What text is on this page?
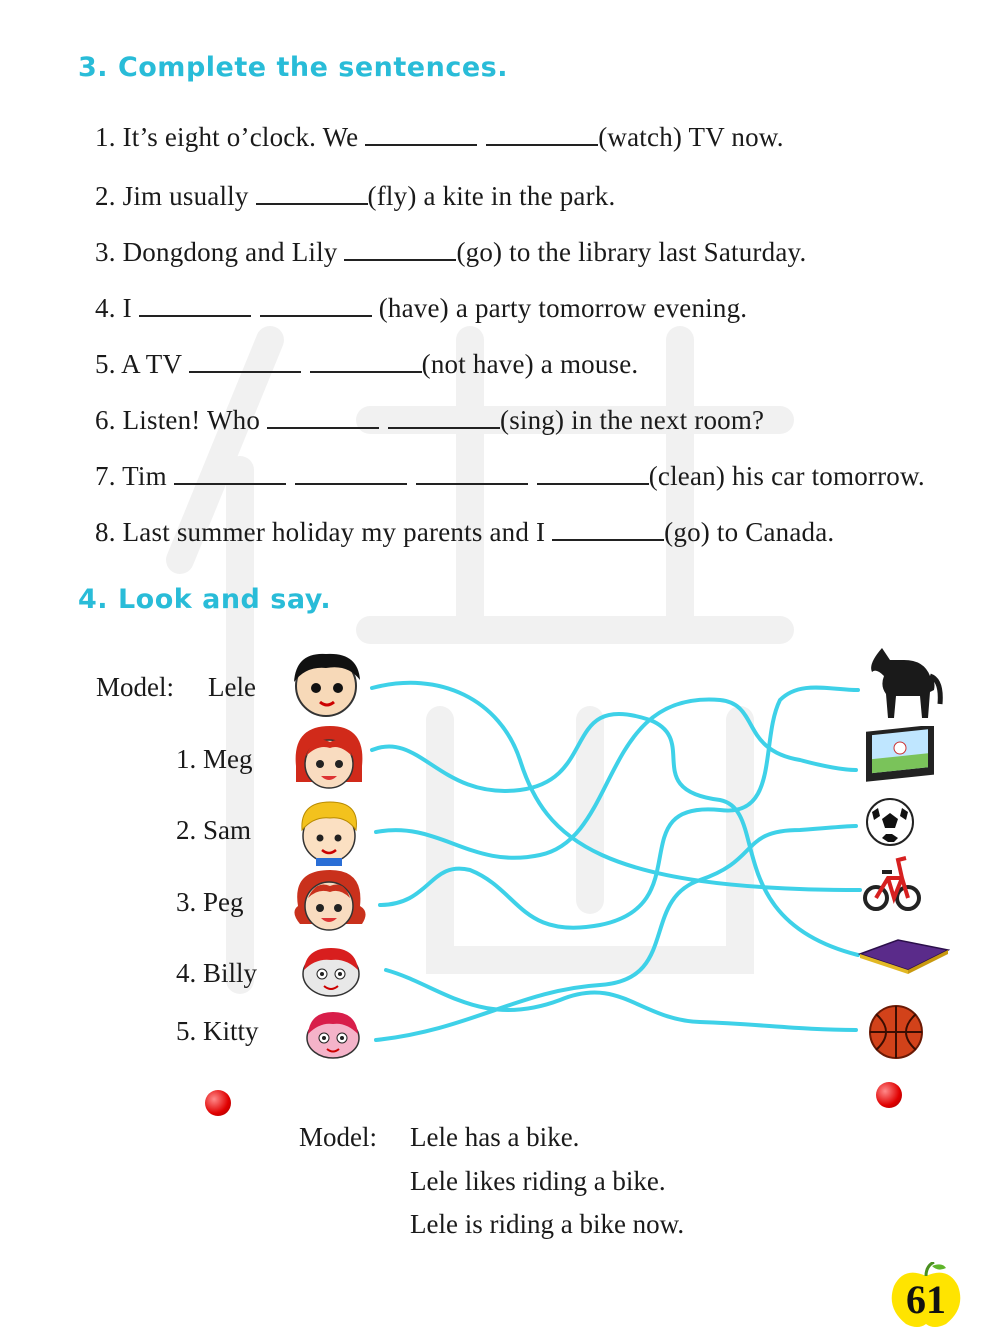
3. Complete the sentences.
1. It’s eight o’clock. We	(watch) TV now.
2. Jim usually	(fly) a kite in the park.
3. Dongdong and Lily	(go) to the library last Saturday.
4. I	(have) a party tomorrow evening.
5. A TV	(not have) a mouse.
6. Listen! Who	(sing) in the next room?
7. Tim	(clean) his car tomorrow.
8. Last summer holiday my parents and I	(go) to Canada.
4. Look and say.
Model: Lele
1. Meg
2. Sam
3. Peg
4. Billy
5. Kitty
Model: Lele has a bike.
Lele likes riding a bike.
Lele is riding a bike now.
61
